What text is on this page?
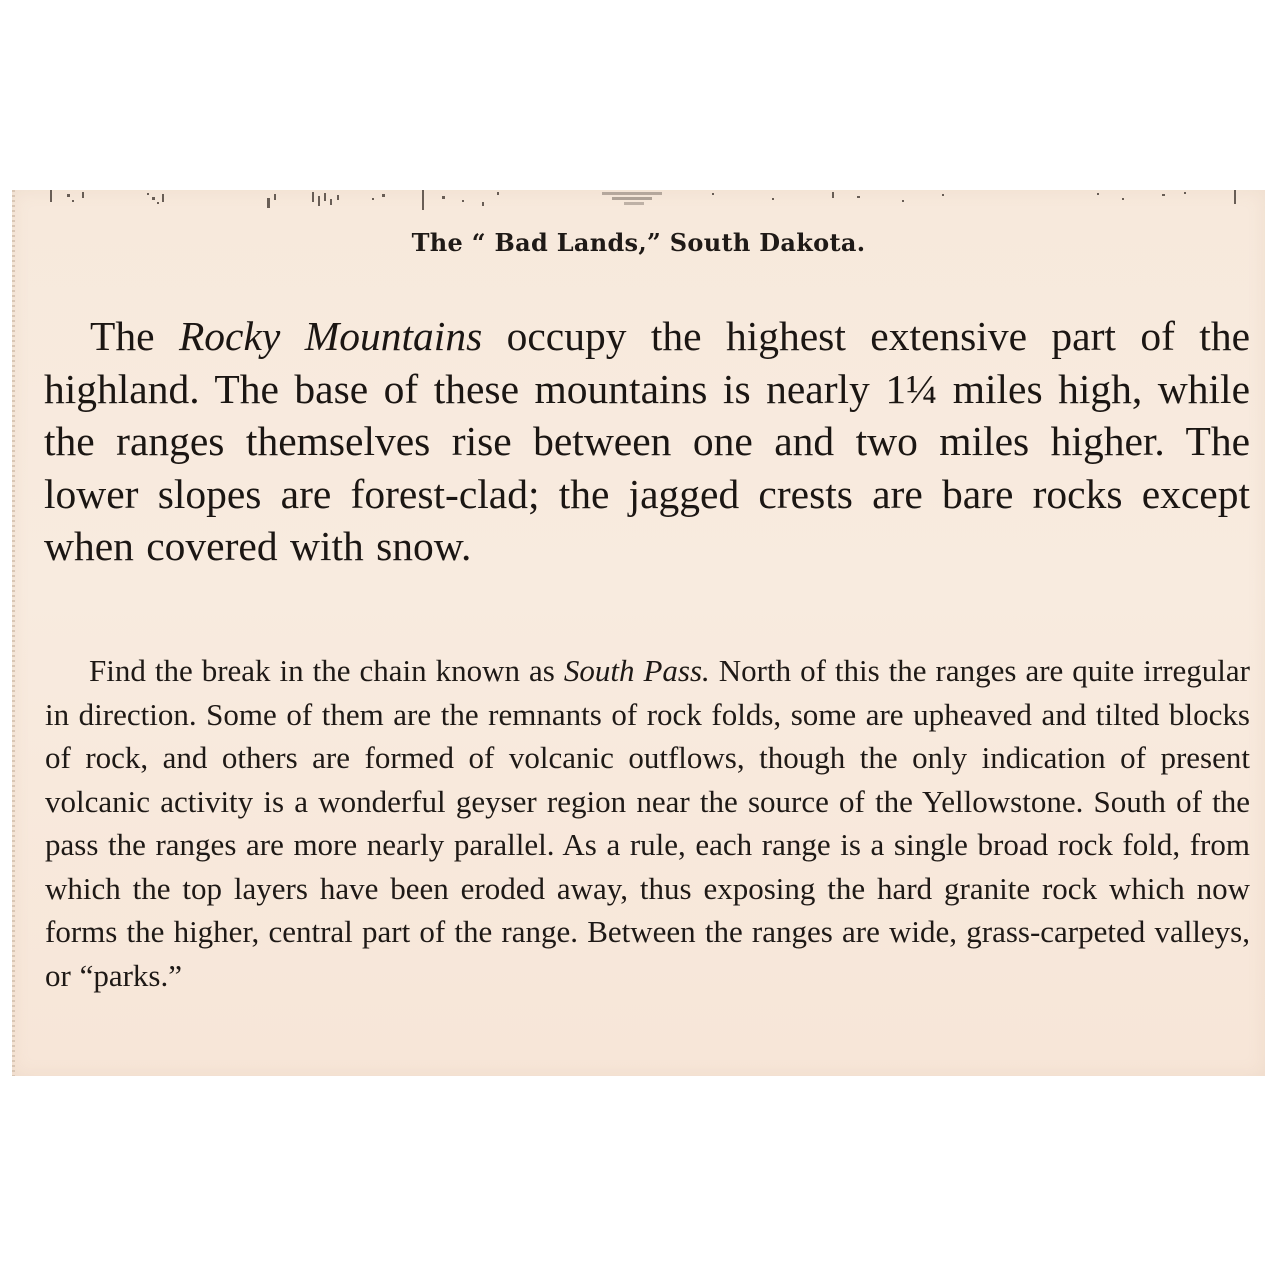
The “ Bad Lands,” South Dakota.

The Rocky Mountains occupy the highest extensive part of the highland. The base of these mountains is nearly 1¼ miles high, while the ranges themselves rise between one and two miles higher. The lower slopes are forest-clad; the jagged crests are bare rocks except when covered with snow.

Find the break in the chain known as South Pass. North of this the ranges are quite irregular in direction. Some of them are the remnants of rock folds, some are upheaved and tilted blocks of rock, and others are formed of volcanic outflows, though the only indication of present volcanic activity is a wonderful geyser region near the source of the Yellowstone. South of the pass the ranges are more nearly parallel. As a rule, each range is a single broad rock fold, from which the top layers have been eroded away, thus exposing the hard granite rock which now forms the higher, central part of the range. Between the ranges are wide, grass-carpeted valleys, or “parks.”
